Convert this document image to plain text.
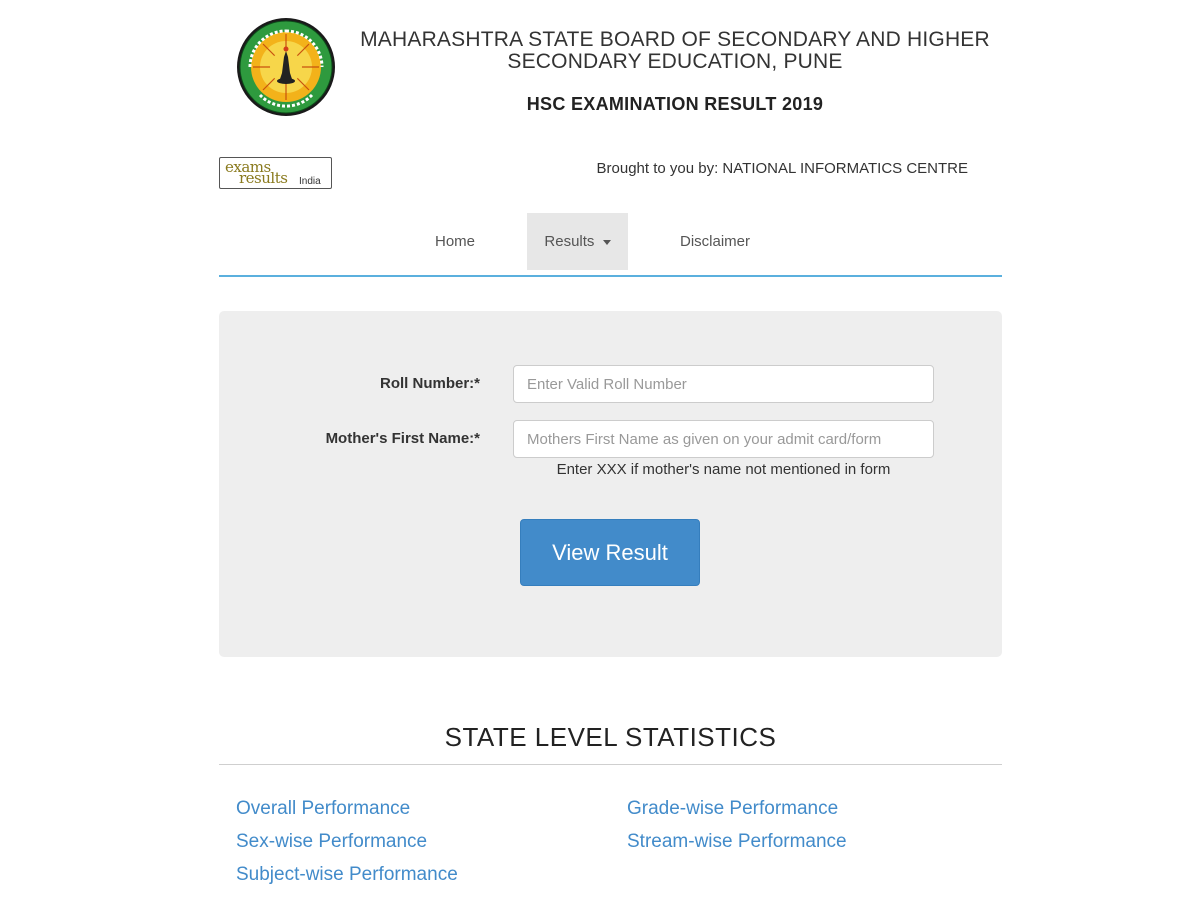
MAHARASHTRA STATE BOARD OF SECONDARY AND HIGHER SECONDARY EDUCATION, PUNE
HSC EXAMINATION RESULT 2019
exams
results India
Brought to you by: NATIONAL INFORMATICS CENTRE
Home	Results	Disclaimer
Roll Number:*
Enter Valid Roll Number
Mother's First Name:*
Mothers First Name as given on your admit card/form
Enter XXX if mother's name not mentioned in form
View Result
STATE LEVEL STATISTICS
Overall Performance
Sex-wise Performance
Subject-wise Performance
Grade-wise Performance
Stream-wise Performance
